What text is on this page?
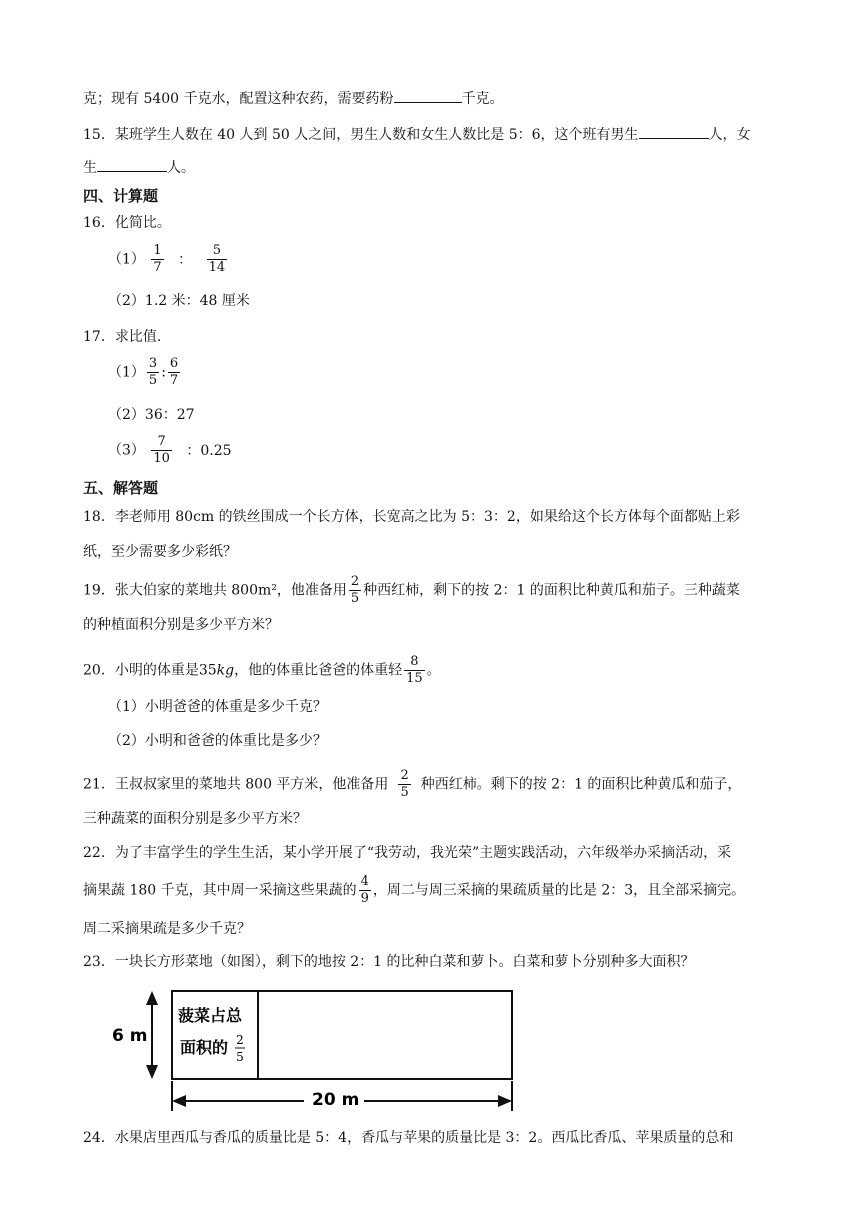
克；现有 5400 千克水，配置这种农药，需要药粉	千克。
15．某班学生人数在 40 人到 50 人之间，男生人数和女生人数比是 5：6，这个班有男生	人，女
生	人。
四、计算题
16．化简比。
$(1) \frac{1}{7}$ ： $\frac{5}{14}$
（2）1.2 米：48 厘米
17．求比值.
$(1) \frac{3}{5}$ : $\frac{6}{7}$
（2）36：27
$(3) \frac{7}{10}$ ：0.25
五、解答题
18．李老师用 80cm 的铁丝围成一个长方体，长宽高之比为 5：3：2，如果给这个长方体每个面都贴上彩
纸，至少需要多少彩纸？
19．张大伯家的菜地共 800m²，他准备用 $\frac{2}{5}$ 种西红柿，剩下的按 2：1 的面积比种黄瓜和茄子。三种蔬菜
的种植面积分别是多少平方米？
20．小明的体重是35kg，他的体重比爸爸的体重轻 $\frac{8}{15}$ 。
（1）小明爸爸的体重是多少千克？
（2）小明和爸爸的体重比是多少？
21．王叔叔家里的菜地共 800 平方米，他准备用 $\frac{2}{5}$ 种西红柿。剩下的按 2：1 的面积比种黄瓜和茄子，
三种蔬菜的面积分别是多少平方米？
22．为了丰富学生的学生生活，某小学开展了“我劳动，我光荣”主题实践活动，六年级举办采摘活动，采
摘果蔬 180 千克，其中周一采摘这些果蔬的 $\frac{4}{9}$ ，周二与周三采摘的果疏质量的比是 2：3，且全部采摘完。
周二采摘果疏是多少千克？
23．一块长方形菜地（如图），剩下的地按 2：1 的比种白菜和萝卜。白菜和萝卜分别种多大面积？
6 m
20 m
菠菜占总
面积的 2
5
24．水果店里西瓜与香瓜的质量比是 5：4，香瓜与苹果的质量比是 3：2。西瓜比香瓜、苹果质量的总和
